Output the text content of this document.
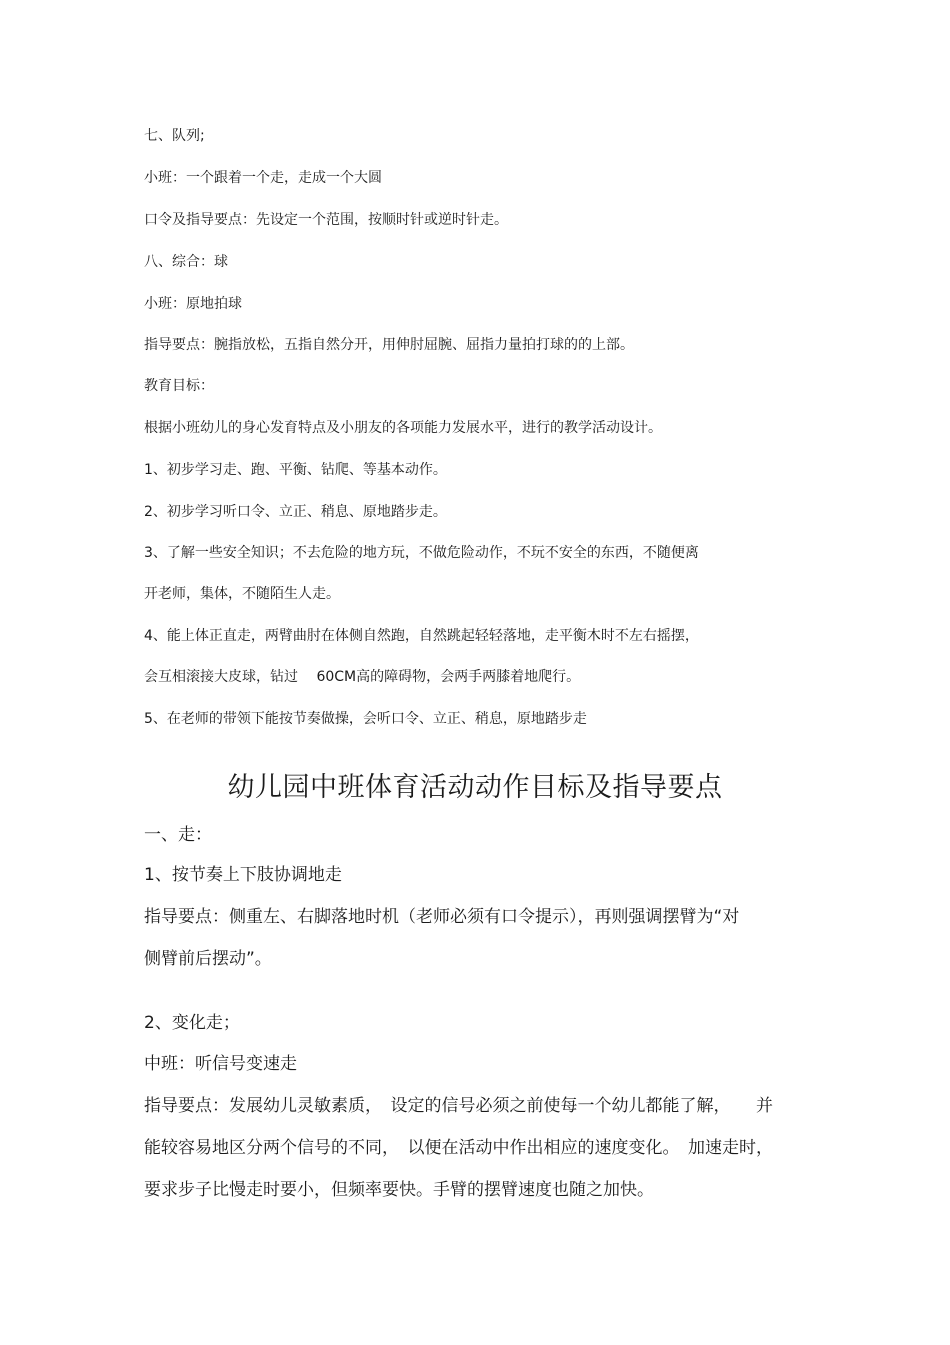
七、队列;

小班：一个跟着一个走，走成一个大圆

口令及指导要点：先设定一个范围，按顺时针或逆时针走。

八、综合：球

小班：原地拍球

指导要点：腕指放松，五指自然分开，用伸肘屈腕、屈指力量拍打球的的上部。

教育目标：

根据小班幼儿的身心发育特点及小朋友的各项能力发展水平，进行的教学活动设计。

1、初步学习走、跑、平衡、钻爬、等基本动作。

2、初步学习听口令、立正、稍息、原地踏步走。

3、了解一些安全知识；不去危险的地方玩，不做危险动作，不玩不安全的东西，不随便离

开老师，集体，不随陌生人走。

4、能上体正直走，两臂曲肘在体侧自然跑，自然跳起轻轻落地，走平衡木时不左右摇摆，

会互相滚接大皮球，钻过　 60CM高的障碍物，会两手两膝着地爬行。

5、在老师的带领下能按节奏做操，会听口令、立正、稍息，原地踏步走

幼儿园中班体育活动动作目标及指导要点

一、走：

1、按节奏上下肢协调地走

指导要点：侧重左、右脚落地时机（老师必须有口令提示），再则强调摆臂为“对

侧臂前后摆动”。

2、变化走；

中班：听信号变速走

指导要点：发展幼儿灵敏素质，　设定的信号必须之前使每一个幼儿都能了解，　　并

能较容易地区分两个信号的不同，　以便在活动中作出相应的速度变化。　加速走时，

要求步子比慢走时要小，但频率要快。手臂的摆臂速度也随之加快。
